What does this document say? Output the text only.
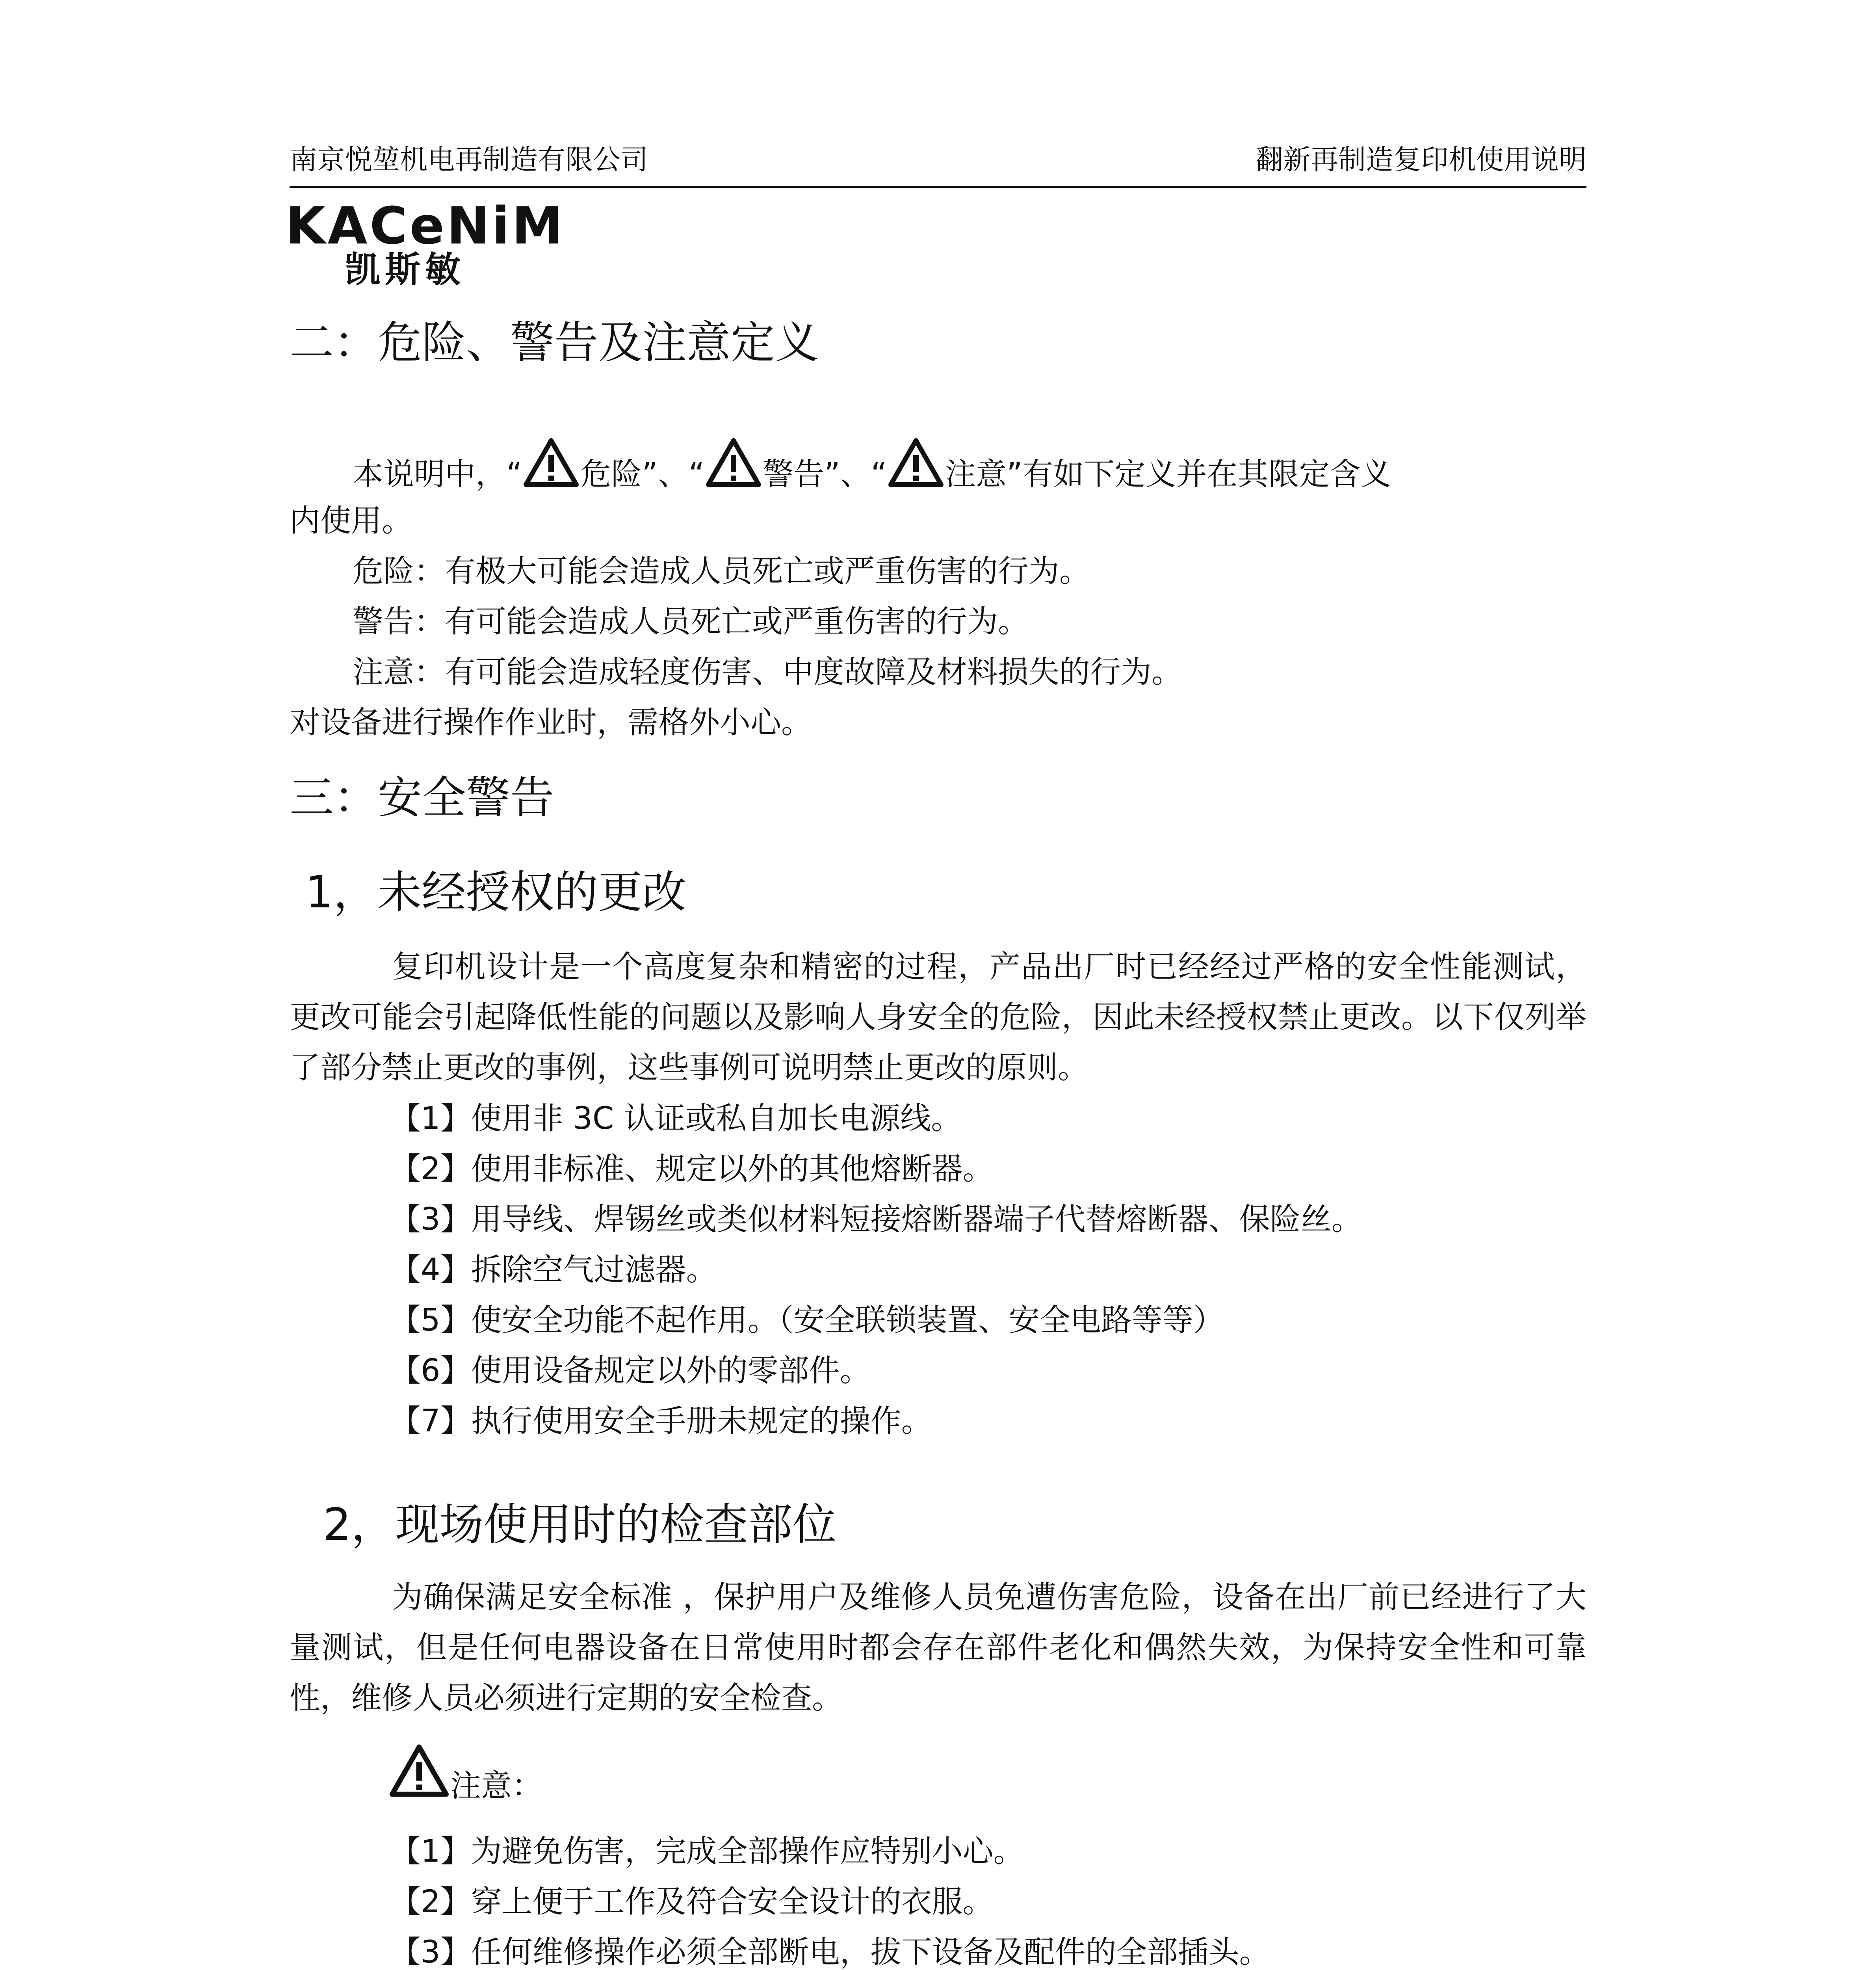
南京悦堃机电再制造有限公司	翻新再制造复印机使用说明
KACeNiM
凯斯敏
二：危险、警告及注意定义
本说明中，“ 危险”、“ 警告”、“ 注意”有如下定义并在其限定含义
内使用。
危险：有极大可能会造成人员死亡或严重伤害的行为。
警告：有可能会造成人员死亡或严重伤害的行为。
注意：有可能会造成轻度伤害、中度故障及材料损失的行为。
对设备进行操作作业时，需格外小心。
三：安全警告
1，未经授权的更改
复印机设计是一个高度复杂和精密的过程，产品出厂时已经经过严格的安全性能测试，更改可能会引起降低性能的问题以及影响人身安全的危险，因此未经授权禁止更改。以下仅列举了部分禁止更改的事例，这些事例可说明禁止更改的原则。
【1】使用非 3C 认证或私自加长电源线。
【2】使用非标准、规定以外的其他熔断器。
【3】用导线、焊锡丝或类似材料短接熔断器端子代替熔断器、保险丝。
【4】拆除空气过滤器。
【5】使安全功能不起作用。（安全联锁装置、安全电路等等）
【6】使用设备规定以外的零部件。
【7】执行使用安全手册未规定的操作。
2，现场使用时的检查部位
为确保满足安全标准 ，保护用户及维修人员免遭伤害危险，设备在出厂前已经进行了大量测试，但是任何电器设备在日常使用时都会存在部件老化和偶然失效，为保持安全性和可靠性，维修人员必须进行定期的安全检查。
注意：
【1】为避免伤害，完成全部操作应特别小心。
【2】穿上便于工作及符合安全设计的衣服。
【3】任何维修操作必须全部断电，拔下设备及配件的全部插头。
